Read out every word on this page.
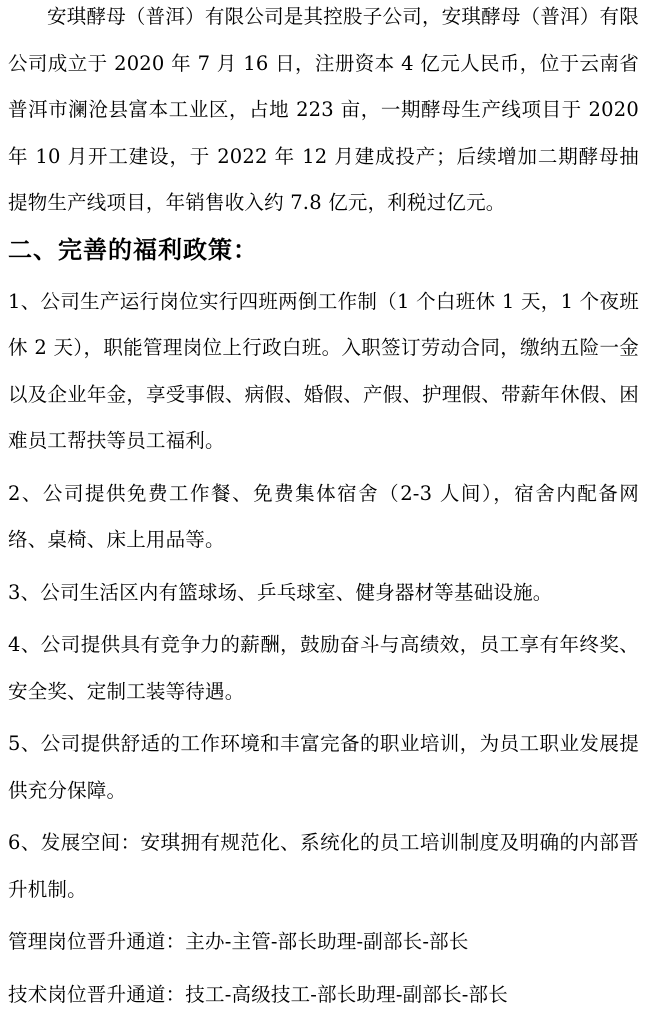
安琪酵母（普洱）有限公司是其控股子公司，安琪酵母（普洱）有限公司成立于 2020 年 7 月 16 日，注册资本 4 亿元人民币，位于云南省普洱市澜沧县富本工业区，占地 223 亩，一期酵母生产线项目于 2020 年 10 月开工建设，于 2022 年 12 月建成投产；后续增加二期酵母抽提物生产线项目，年销售收入约 7.8 亿元，利税过亿元。

二、完善的福利政策：

1、公司生产运行岗位实行四班两倒工作制（1 个白班休 1 天，1 个夜班休 2 天），职能管理岗位上行政白班。入职签订劳动合同，缴纳五险一金以及企业年金，享受事假、病假、婚假、产假、护理假、带薪年休假、困难员工帮扶等员工福利。

2、公司提供免费工作餐、免费集体宿舍（2-3 人间），宿舍内配备网络、桌椅、床上用品等。

3、公司生活区内有篮球场、乒乓球室、健身器材等基础设施。

4、公司提供具有竞争力的薪酬，鼓励奋斗与高绩效，员工享有年终奖、安全奖、定制工装等待遇。

5、公司提供舒适的工作环境和丰富完备的职业培训，为员工职业发展提供充分保障。

6、发展空间：安琪拥有规范化、系统化的员工培训制度及明确的内部晋升机制。

管理岗位晋升通道：主办-主管-部长助理-副部长-部长

技术岗位晋升通道：技工-高级技工-部长助理-副部长-部长
